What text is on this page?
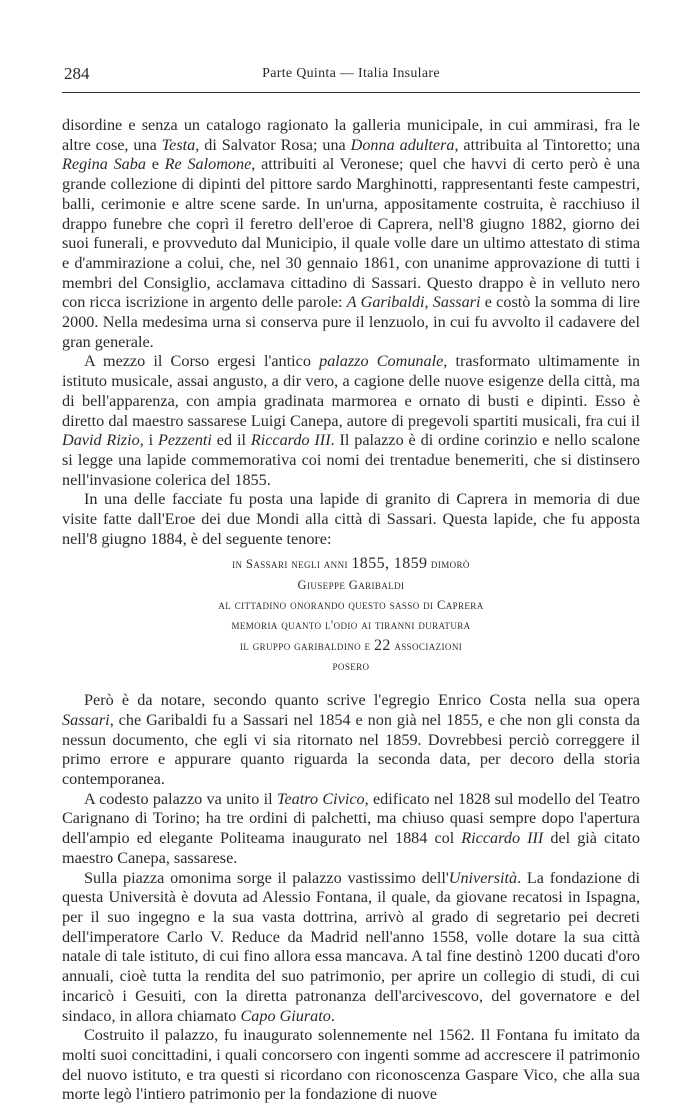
284	Parte Quinta — Italia Insulare

disordine e senza un catalogo ragionato la galleria municipale, in cui ammirasi, fra le altre cose, una Testa, di Salvator Rosa; una Donna adultera, attribuita al Tintoretto; una Regina Saba e Re Salomone, attribuiti al Veronese; quel che havvi di certo però è una grande collezione di dipinti del pittore sardo Marghinotti, rappresentanti feste campestri, balli, cerimonie e altre scene sarde. In un'urna, appositamente costruita, è racchiuso il drappo funebre che coprì il feretro dell'eroe di Caprera, nell'8 giugno 1882, giorno dei suoi funerali, e provveduto dal Municipio, il quale volle dare un ultimo attestato di stima e d'ammirazione a colui, che, nel 30 gennaio 1861, con unanime approvazione di tutti i membri del Consiglio, acclamava cittadino di Sassari. Questo drappo è in velluto nero con ricca iscrizione in argento delle parole: A Garibaldi, Sassari e costò la somma di lire 2000. Nella medesima urna si conserva pure il lenzuolo, in cui fu avvolto il cadavere del gran generale.

A mezzo il Corso ergesi l'antico palazzo Comunale, trasformato ultimamente in istituto musicale, assai angusto, a dir vero, a cagione delle nuove esigenze della città, ma di bell'apparenza, con ampia gradinata marmorea e ornato di busti e dipinti. Esso è diretto dal maestro sassarese Luigi Canepa, autore di pregevoli spartiti musicali, fra cui il David Rizio, i Pezzenti ed il Riccardo III. Il palazzo è di ordine corinzio e nello scalone si legge una lapide commemorativa coi nomi dei trentadue benemeriti, che si distinsero nell'invasione colerica del 1855.

In una delle facciate fu posta una lapide di granito di Caprera in memoria di due visite fatte dall'Eroe dei due Mondi alla città di Sassari. Questa lapide, che fu apposta nell'8 giugno 1884, è del seguente tenore:

in Sassari negli anni 1855, 1859 dimorò
Giuseppe Garibaldi
al cittadino onorando questo sasso di Caprera
memoria quanto l'odio ai tiranni duratura
il gruppo garibaldino e 22 associazioni
posero

Però è da notare, secondo quanto scrive l'egregio Enrico Costa nella sua opera Sassari, che Garibaldi fu a Sassari nel 1854 e non già nel 1855, e che non gli consta da nessun documento, che egli vi sia ritornato nel 1859. Dovrebbesi perciò correggere il primo errore e appurare quanto riguarda la seconda data, per decoro della storia contemporanea.

A codesto palazzo va unito il Teatro Civico, edificato nel 1828 sul modello del Teatro Carignano di Torino; ha tre ordini di palchetti, ma chiuso quasi sempre dopo l'apertura dell'ampio ed elegante Politeama inaugurato nel 1884 col Riccardo III del già citato maestro Canepa, sassarese.

Sulla piazza omonima sorge il palazzo vastissimo dell'Università. La fondazione di questa Università è dovuta ad Alessio Fontana, il quale, da giovane recatosi in Ispagna, per il suo ingegno e la sua vasta dottrina, arrivò al grado di segretario pei decreti dell'imperatore Carlo V. Reduce da Madrid nell'anno 1558, volle dotare la sua città natale di tale istituto, di cui fino allora essa mancava. A tal fine destinò 1200 ducati d'oro annuali, cioè tutta la rendita del suo patrimonio, per aprire un collegio di studi, di cui incaricò i Gesuiti, con la diretta patronanza dell'arcivescovo, del governatore e del sindaco, in allora chiamato Capo Giurato.

Costruito il palazzo, fu inaugurato solennemente nel 1562. Il Fontana fu imitato da molti suoi concittadini, i quali concorsero con ingenti somme ad accrescere il patrimonio del nuovo istituto, e tra questi si ricordano con riconoscenza Gaspare Vico, che alla sua morte legò l'intiero patrimonio per la fondazione di nuove
